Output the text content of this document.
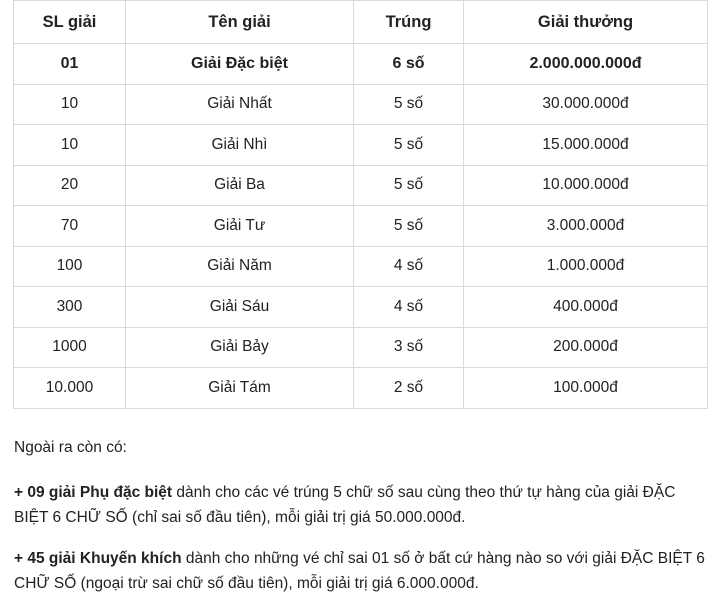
SL giải	Tên giải	Trúng	Giải thưởng
01	Giải Đặc biệt	6 số	2.000.000.000đ
10	Giải Nhất	5 số	30.000.000đ
10	Giải Nhì	5 số	15.000.000đ
20	Giải Ba	5 số	10.000.000đ
70	Giải Tư	5 số	3.000.000đ
100	Giải Năm	4 số	1.000.000đ
300	Giải Sáu	4 số	400.000đ
1000	Giải Bảy	3 số	200.000đ
10.000	Giải Tám	2 số	100.000đ

Ngoài ra còn có:

+ 09 giải Phụ đặc biệt dành cho các vé trúng 5 chữ số sau cùng theo thứ tự hàng của giải ĐẶC BIỆT 6 CHỮ SỐ (chỉ sai số đầu tiên), mỗi giải trị giá 50.000.000đ.

+ 45 giải Khuyến khích dành cho những vé chỉ sai 01 số ở bất cứ hàng nào so với giải ĐẶC BIỆT 6 CHỮ SỐ (ngoại trừ sai chữ số đầu tiên), mỗi giải trị giá 6.000.000đ.
